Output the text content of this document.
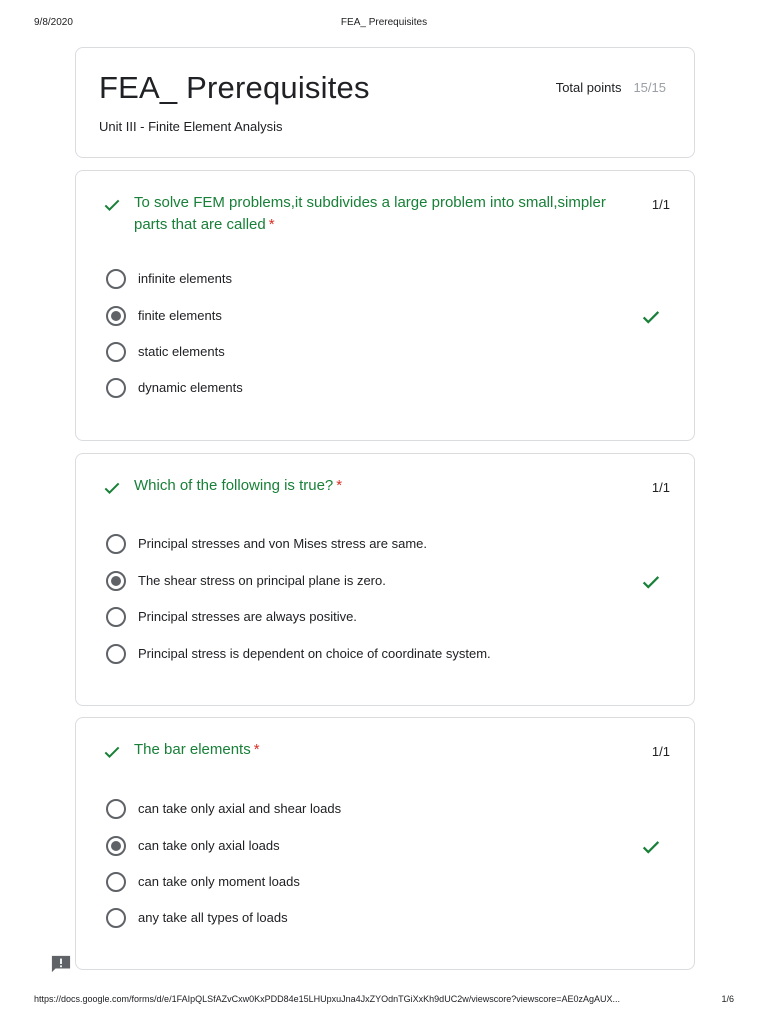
9/8/2020	FEA_ Prerequisites
FEA_ Prerequisites
Unit III - Finite Element Analysis
Total points 15/15
To solve FEM problems,it subdivides a large problem into small,simpler parts that are called *
1/1
infinite elements
finite elements
static elements
dynamic elements
Which of the following is true? *	1/1
Principal stresses and von Mises stress are same.
The shear stress on principal plane is zero.
Principal stresses are always positive.
Principal stress is dependent on choice of coordinate system.
The bar elements *	1/1
can take only axial and shear loads
can take only axial loads
can take only moment loads
any take all types of loads
https://docs.google.com/forms/d/e/1FAIpQLSfAZvCxw0KxPDD84e15LHUpxuJna4JxZYOdnTGiXxKh9dUC2w/viewscore?viewscore=AE0zAgAUX...	1/6
